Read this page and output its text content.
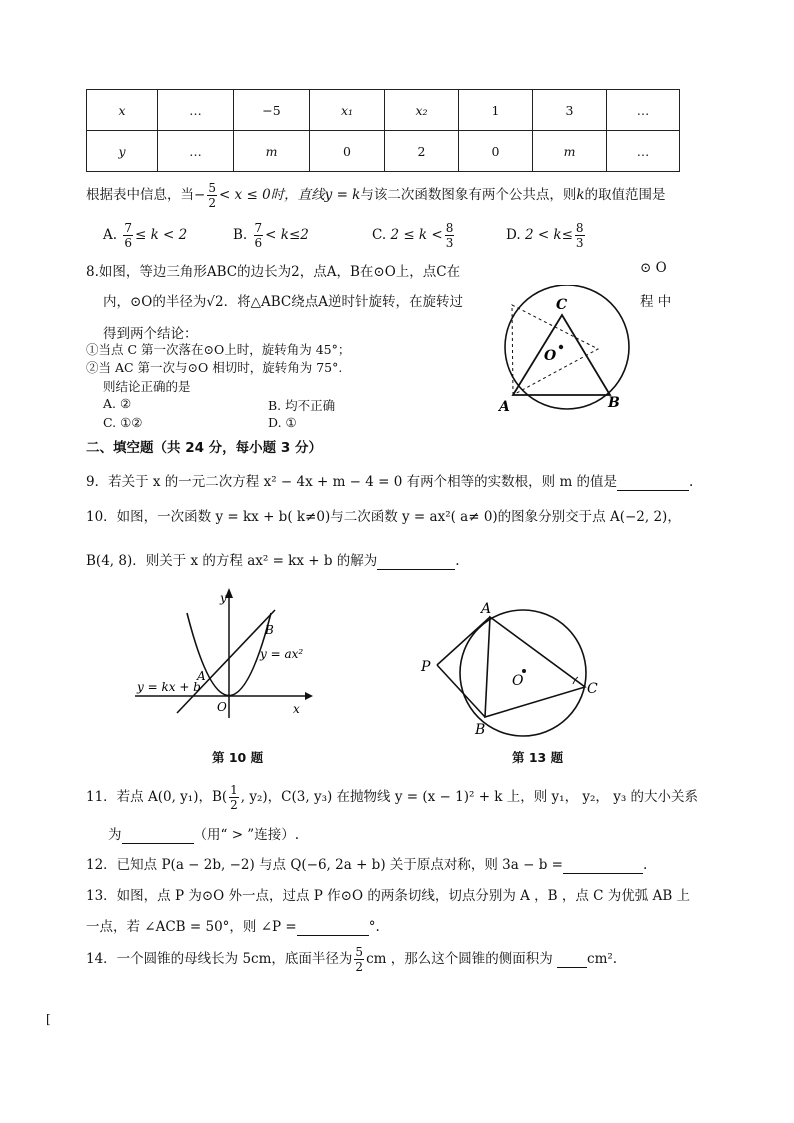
x	…	−5	x₁	x₂	1	3	…
y	…	m	0	2	0	m	…
根据表中信息，当− $\frac{5}{2} < x \le 0$时，直线y = k与该二次函数图象有两个公共点，则k的取值范围是
A. $\frac{7}{6} \le k < 2$	B. $\frac{7}{6} < k\le 2$	C. $2 \le k < \frac{8}{3}$	D. $2 < k\le \frac{8}{3}$
8.如图，等边三角形ABC的边长为2，点A，B在⊙O上，点C在	⊙ O
内，⊙O的半径为√2．将△ABC绕点A逆时针旋转，在旋转过	程 中
得到两个结论：
①当点 C 第一次落在⊙O上时，旋转角为 45°；
②当 AC 第一次与⊙O 相切时，旋转角为 75°.
则结论正确的是
A. ②	B. 均不正确
C. ①②	D. ①
A	B
C
O
二、填空题（共 24 分，每小题 3 分）
9．若关于 x 的一元二次方程 x² − 4x + m − 4 = 0 有两个相等的实数根，则 m 的值是	.
10．如图，一次函数 y = kx + b( k≠0)与二次函数 y = ax²( a≠ 0)的图象分别交于点 A(−2, 2)，
B(4, 8)．则关于 x 的方程 ax² = kx + b 的解为	.
y
x
O
A
B
y = ax²
y = kx + b
第 10 题
A
B
C
P
O
第 13 题
11．若点 A(0, y₁)，$B( \frac{1}{2}$ , y₂)，C(3, y₃) 在抛物线 y = (x − 1)² + k 上，则 y₁， y₂， y₃ 的大小关系
为	（用“ > ”连接）.
12．已知点 P(a − 2b, −2) 与点 Q(−6, 2a + b) 关于原点对称，则 3a − b =	.
13．如图，点 P 为⊙O 外一点，过点 P 作⊙O 的两条切线，切点分别为 A ，B ，点 C 为优弧 AB 上
一点，若 ∠ACB = 50°，则 ∠P =	°.
14．一个圆锥的母线长为 5cm，底面半径为 $\frac{5}{2}$ cm ，那么这个圆锥的侧面积为	cm².
[
